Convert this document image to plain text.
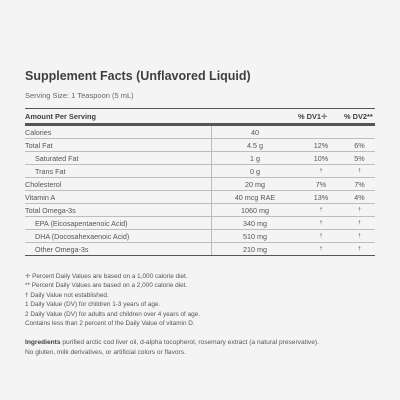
Supplement Facts (Unflavored Liquid)
Serving Size: 1 Teaspoon (5 mL)
Amount Per Serving		% DV1✛	% DV2**
Calories	40		
Total Fat	4.5 g	12%	6%
Saturated Fat	1 g	10%	5%
Trans Fat	0 g	†	†
Cholesterol	20 mg	7%	7%
Vitamin A	40 mcg RAE	13%	4%
Total Omega-3s	1060 mg	†	†
EPA (Eicosapentaenoic Acid)	340 mg	†	†
DHA (Docosahexaenoic Acid)	510 mg	†	†
Other Omega-3s	210 mg	†	†
✛ Percent Daily Values are based on a 1,000 calorie diet.
** Percent Daily Values are based on a 2,000 calorie diet.
† Daily Value not established.
1 Daily Value (DV) for children 1-3 years of age.
2 Daily Value (DV) for adults and children over 4 years of age.
Contains less than 2 percent of the Daily Value of vitamin D.
Ingredients purified arctic cod liver oil, d-alpha tocopherol, rosemary extract (a natural preservative).
No gluten, milk derivatives, or artificial colors or flavors.
